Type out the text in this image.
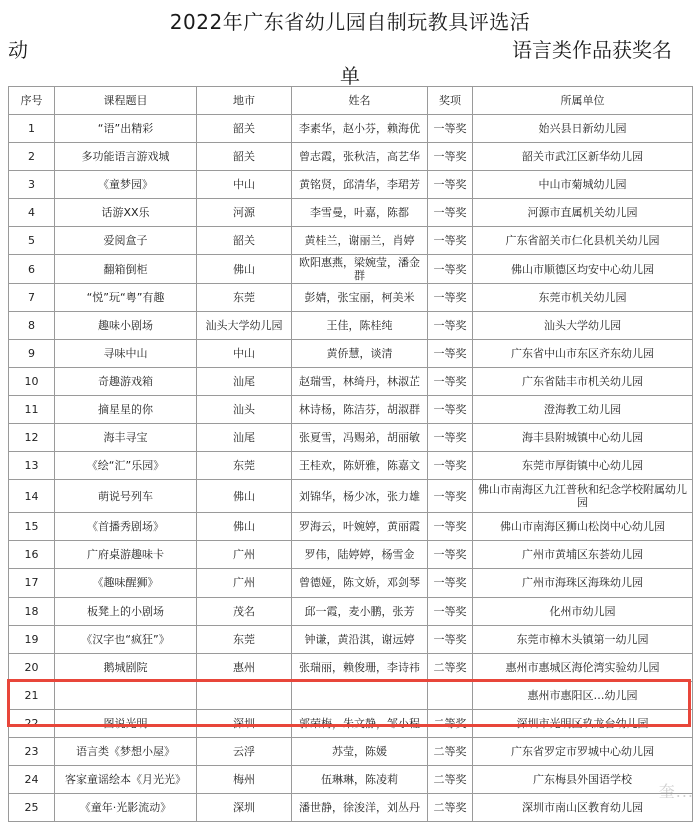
2022年广东省幼儿园自制玩教具评选活
动	语言类作品获奖名
单
序号	课程题目	地市	姓名	奖项	所属单位
1	“语”出精彩	韶关	李素华，赵小芬，赖海优	一等奖	始兴县日新幼儿园
2	多功能语言游戏城	韶关	曾志霞，张秋洁，高艺华	一等奖	韶关市武江区新华幼儿园
3	《童梦园》	中山	黄铭贤，邱清华，李珺芳	一等奖	中山市菊城幼儿园
4	话游XX乐	河源	李雪曼，叶嘉，陈都	一等奖	河源市直属机关幼儿园
5	爱阅盒子	韶关	黄桂兰，谢丽兰，肖婷	一等奖	广东省韶关市仁化县机关幼儿园
6	翻箱倒柜	佛山	欧阳惠燕，梁婉莹，潘金群	一等奖	佛山市顺德区均安中心幼儿园
7	“悦”玩“粤”有趣	东莞	彭婧，张宝丽，柯美米	一等奖	东莞市机关幼儿园
8	趣味小剧场	汕头大学幼儿园	王佳，陈桂纯	一等奖	汕头大学幼儿园
9	寻味中山	中山	黄侨慧，谈清	一等奖	广东省中山市东区齐东幼儿园
10	奇趣游戏箱	汕尾	赵瑞雪，林绮丹，林淑芷	一等奖	广东省陆丰市机关幼儿园
11	摘星星的你	汕头	林诗杨，陈洁芬，胡淑群	一等奖	澄海教工幼儿园
12	海丰寻宝	汕尾	张夏雪，冯赐弟，胡丽敏	一等奖	海丰县附城镇中心幼儿园
13	《绘“汇”乐园》	东莞	王桂欢，陈妍雅，陈嘉文	一等奖	东莞市厚街镇中心幼儿园
14	萌说号列车	佛山	刘锦华，杨少冰，张力雄	一等奖	佛山市南海区九江普秋和纪念学校附属幼儿园
15	《首播秀剧场》	佛山	罗海云，叶婉婷，黄丽霞	一等奖	佛山市南海区狮山松岗中心幼儿园
16	广府桌游趣味卡	广州	罗伟，陆婷婷，杨雪金	一等奖	广州市黄埔区东荟幼儿园
17	《趣味醒狮》	广州	曾德娅，陈文娇，邓剑琴	一等奖	广州市海珠区海珠幼儿园
18	板凳上的小剧场	茂名	邱一霞，麦小鹏，张芳	一等奖	化州市幼儿园
19	《汉字也“疯狂”》	东莞	钟谦，黄沿淇，谢远婷	一等奖	东莞市樟木头镇第一幼儿园
20	鹅城剧院	惠州	张瑞丽，赖俊珊，李诗祎	二等奖	惠州市惠城区海伦湾实验幼儿园
21					惠州市惠阳区…幼儿园
22	图说光明	深圳	郭荣梅，朱文静，邹小程	二等奖	深圳市光明区玖龙台幼儿园
23	语言类《梦想小屋》	云浮	苏莹，陈媛	二等奖	广东省罗定市罗城中心幼儿园
24	客家童谣绘本《月光光》	梅州	伍琳琳，陈凌莉	二等奖	广东梅县外国语学校
25	《童年·光影流动》	深圳	潘世静，徐浚洋，刘丛丹	二等奖	深圳市南山区教育幼儿园
奎...
